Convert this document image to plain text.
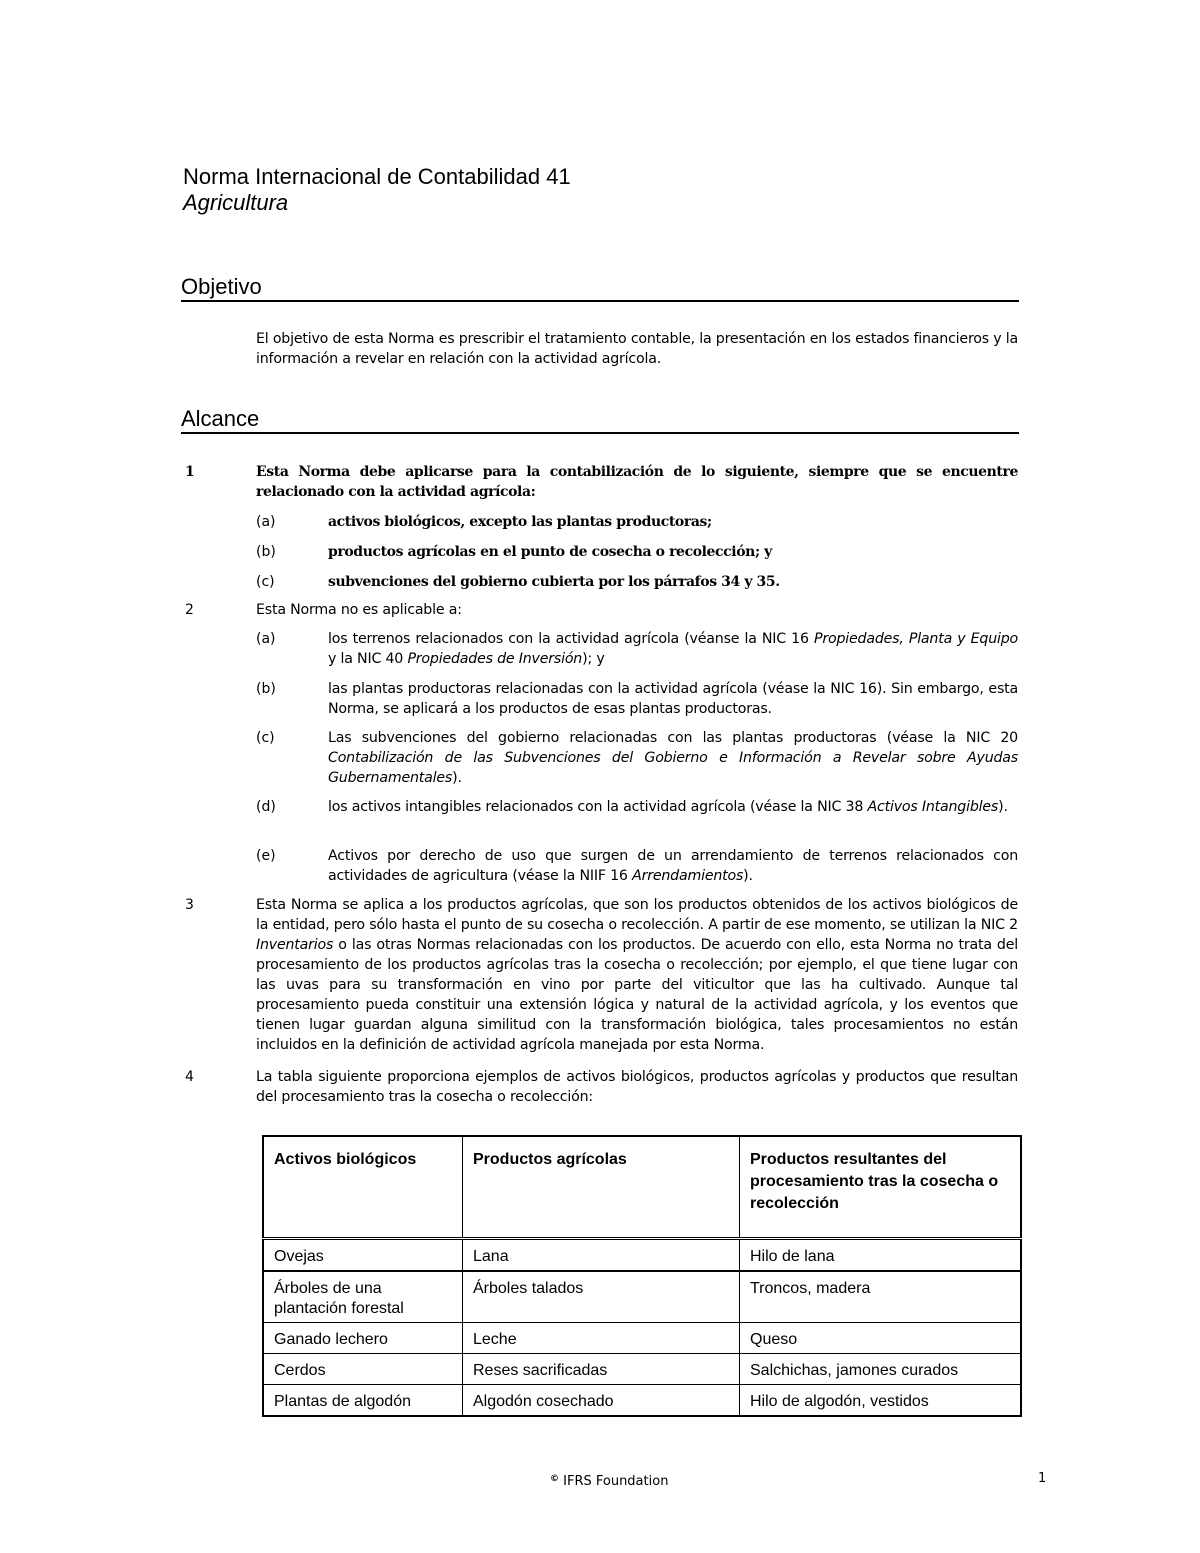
Norma Internacional de Contabilidad 41
Agricultura
Objetivo
El objetivo de esta Norma es prescribir el tratamiento contable, la presentación en los estados financieros y la información a revelar en relación con la actividad agrícola.
Alcance
1	Esta Norma debe aplicarse para la contabilización de lo siguiente, siempre que se encuentre relacionado con la actividad agrícola:
(a)	activos biológicos, excepto las plantas productoras;
(b)	productos agrícolas en el punto de cosecha o recolección; y
(c)	subvenciones del gobierno cubierta por los párrafos 34 y 35.
2	Esta Norma no es aplicable a:
(a)	los terrenos relacionados con la actividad agrícola (véanse la NIC 16 Propiedades, Planta y Equipo y la NIC 40 Propiedades de Inversión); y
(b)	las plantas productoras relacionadas con la actividad agrícola (véase la NIC 16). Sin embargo, esta Norma, se aplicará a los productos de esas plantas productoras.
(c)	Las subvenciones del gobierno relacionadas con las plantas productoras (véase la NIC 20 Contabilización de las Subvenciones del Gobierno e Información a Revelar sobre Ayudas Gubernamentales).
(d)	los activos intangibles relacionados con la actividad agrícola (véase la NIC 38 Activos Intangibles).
(e)	Activos por derecho de uso que surgen de un arrendamiento de terrenos relacionados con actividades de agricultura (véase la NIIF 16 Arrendamientos).
3	Esta Norma se aplica a los productos agrícolas, que son los productos obtenidos de los activos biológicos de la entidad, pero sólo hasta el punto de su cosecha o recolección. A partir de ese momento, se utilizan la NIC 2 Inventarios o las otras Normas relacionadas con los productos. De acuerdo con ello, esta Norma no trata del procesamiento de los productos agrícolas tras la cosecha o recolección; por ejemplo, el que tiene lugar con las uvas para su transformación en vino por parte del viticultor que las ha cultivado. Aunque tal procesamiento pueda constituir una extensión lógica y natural de la actividad agrícola, y los eventos que tienen lugar guardan alguna similitud con la transformación biológica, tales procesamientos no están incluidos en la definición de actividad agrícola manejada por esta Norma.
4	La tabla siguiente proporciona ejemplos de activos biológicos, productos agrícolas y productos que resultan del procesamiento tras la cosecha o recolección:
Activos biológicos	Productos agrícolas	Productos resultantes del procesamiento tras la cosecha o recolección
Ovejas	Lana	Hilo de lana
Árboles de una plantación forestal	Árboles talados	Troncos, madera
Ganado lechero	Leche	Queso
Cerdos	Reses sacrificadas	Salchichas, jamones curados
Plantas de algodón	Algodón cosechado	Hilo de algodón, vestidos
© IFRS Foundation	1
